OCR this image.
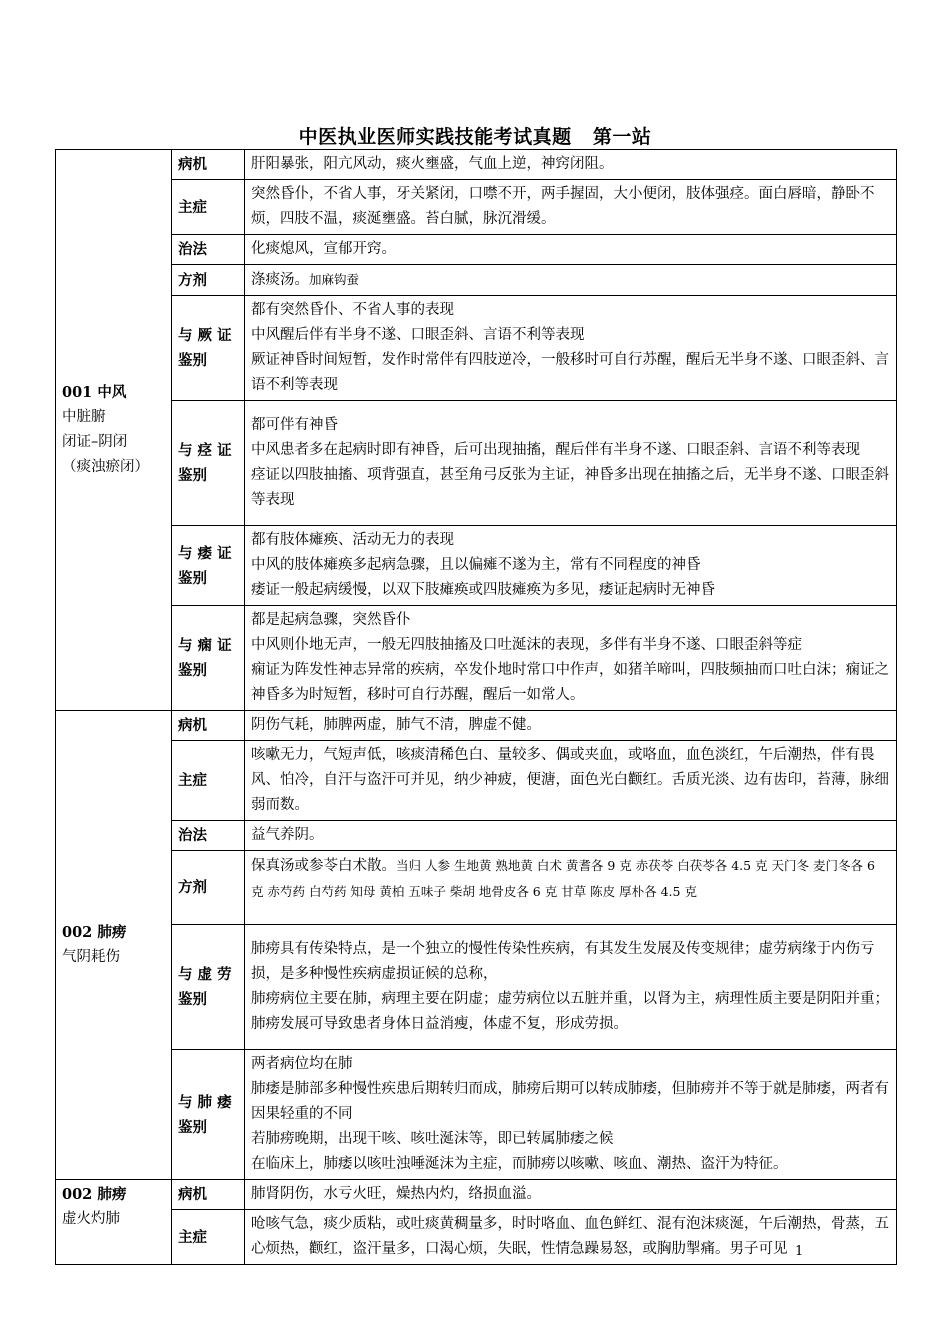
中医执业医师实践技能考试真题   第一站
001 中风
中脏腑
闭证–阴闭
（痰浊瘀闭）	病机	肝阳暴张，阳亢风动，痰火壅盛，气血上逆，神窍闭阻。

	主症	突然昏仆，不省人事，牙关紧闭，口噤不开，两手握固，大小便闭，肢体强痉。面白唇暗，静卧不烦，四肢不温，痰涎壅盛。苔白腻，脉沉滑缓。

	治法	化痰熄风，宣郁开窍。

	方剂	涤痰汤。加麻钩蚕

	与 厥 证
鉴别	都有突然昏仆、不省人事的表现
中风醒后伴有半身不遂、口眼歪斜、言语不利等表现
厥证神昏时间短暂，发作时常伴有四肢逆冷，一般移时可自行苏醒，醒后无半身不遂、口眼歪斜、言语不利等表现

	与 痉 证
鉴别	都可伴有神昏
中风患者多在起病时即有神昏，后可出现抽搐，醒后伴有半身不遂、口眼歪斜、言语不利等表现
痉证以四肢抽搐、项背强直，甚至角弓反张为主证，神昏多出现在抽搐之后，无半身不遂、口眼歪斜等表现

	与 痿 证
鉴别	都有肢体瘫痪、活动无力的表现
中风的肢体瘫痪多起病急骤，且以偏瘫不遂为主，常有不同程度的神昏
痿证一般起病缓慢，以双下肢瘫痪或四肢瘫痪为多见，痿证起病时无神昏

	与 痫 证
鉴别	都是起病急骤，突然昏仆
中风则仆地无声，一般无四肢抽搐及口吐涎沫的表现，多伴有半身不遂、口眼歪斜等症
痫证为阵发性神志异常的疾病，卒发仆地时常口中作声，如猪羊啼叫，四肢频抽而口吐白沫；痫证之神昏多为时短暂，移时可自行苏醒，醒后一如常人。

002 肺痨
气阴耗伤	病机	阴伤气耗，肺脾两虚，肺气不清，脾虚不健。

	主症	咳嗽无力，气短声低，咳痰清稀色白、量较多、偶或夹血，或咯血，血色淡红，午后潮热，伴有畏风、怕冷，自汗与盗汗可并见，纳少神疲，便溏，面色光白颧红。舌质光淡、边有齿印，苔薄，脉细弱而数。

	治法	益气养阴。

	方剂	保真汤或参苓白术散。当归 人参 生地黄 熟地黄 白术 黄耆各 9 克 赤茯苓 白茯苓各 4.5 克 天门冬 麦门冬各 6 克 赤芍药 白芍药 知母 黄柏 五味子 柴胡 地骨皮各 6 克 甘草 陈皮 厚朴各 4.5 克

	与 虚 劳
鉴别	肺痨具有传染特点，是一个独立的慢性传染性疾病，有其发生发展及传变规律；虚劳病缘于内伤亏损，是多种慢性疾病虚损证候的总称，
肺痨病位主要在肺，病理主要在阴虚；虚劳病位以五脏并重，以肾为主，病理性质主要是阴阳并重；
肺痨发展可导致患者身体日益消瘦，体虚不复，形成劳损。

	与 肺 痿
鉴别	两者病位均在肺
肺痿是肺部多种慢性疾患后期转归而成，肺痨后期可以转成肺痿，但肺痨并不等于就是肺痿，两者有因果轻重的不同
若肺痨晚期，出现干咳、咳吐涎沫等，即已转属肺痿之候
在临床上，肺痿以咳吐浊唾涎沫为主症，而肺痨以咳嗽、咳血、潮热、盗汗为特征。

002 肺痨
虚火灼肺	病机	肺肾阴伤，水亏火旺，燥热内灼，络损血溢。

	主症	呛咳气急，痰少质粘，或吐痰黄稠量多，时时咯血、血色鲜红、混有泡沫痰涎，午后潮热，骨蒸，五心烦热，颧红，盗汗量多，口渴心烦，失眠，性情急躁易怒，或胸肋掣痛。男子可见 1
